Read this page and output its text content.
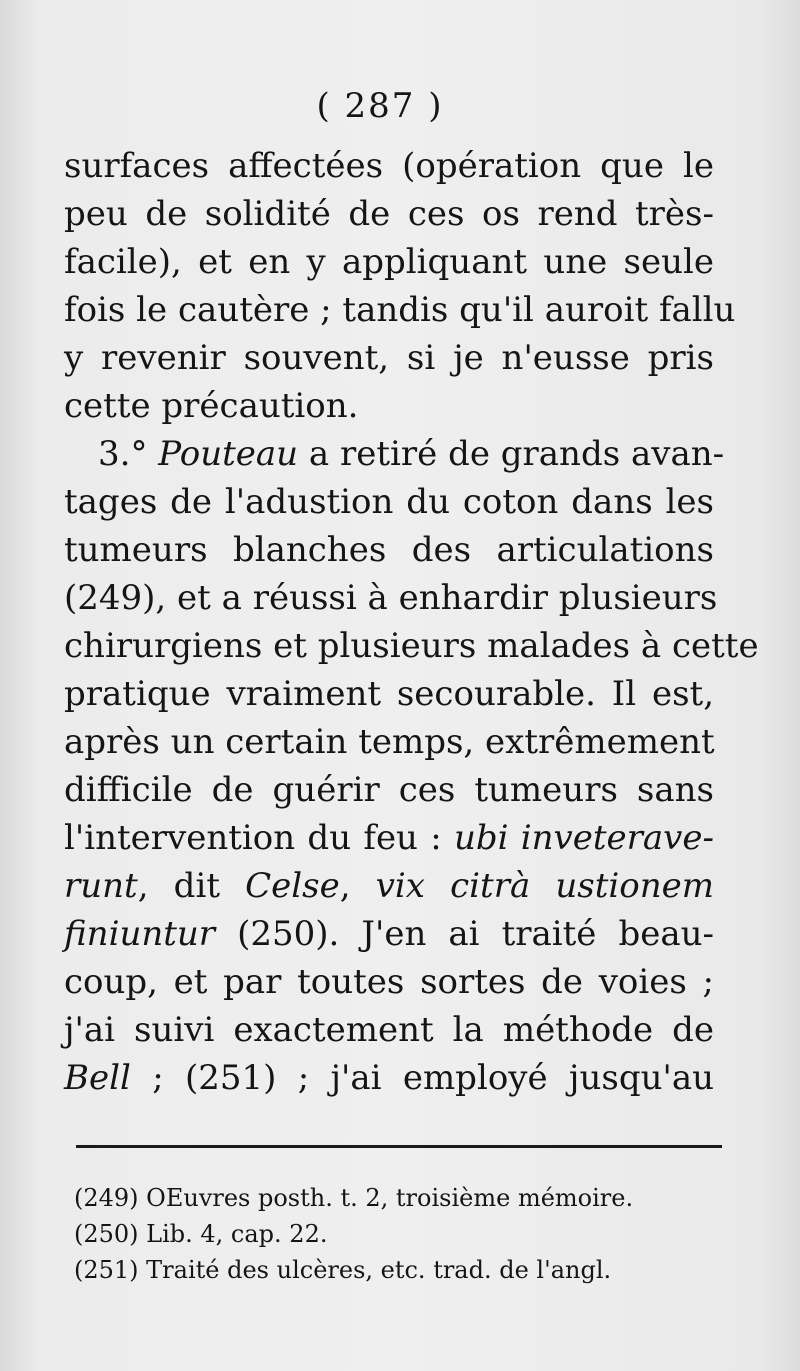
( 287 )
surfaces affectées (opération que le
peu de solidité de ces os rend très-
facile), et en y appliquant une seule
fois le cautère ; tandis qu'il auroit fallu
y revenir souvent, si je n'eusse pris
cette précaution.
3.° Pouteau a retiré de grands avan-
tages de l'adustion du coton dans les
tumeurs blanches des articulations
(249), et a réussi à enhardir plusieurs
chirurgiens et plusieurs malades à cette
pratique vraiment secourable. Il est,
après un certain temps, extrêmement
difficile de guérir ces tumeurs sans
l'intervention du feu : ubi inveterave-
runt, dit Celse, vix citrà ustionem
finiuntur (250). J'en ai traité beau-
coup, et par toutes sortes de voies ;
j'ai suivi exactement la méthode de
Bell ; (251) ; j'ai employé jusqu'au
(249) OEuvres posth. t. 2, troisième mémoire.
(250) Lib. 4, cap. 22.
(251) Traité des ulcères, etc. trad. de l'angl.
